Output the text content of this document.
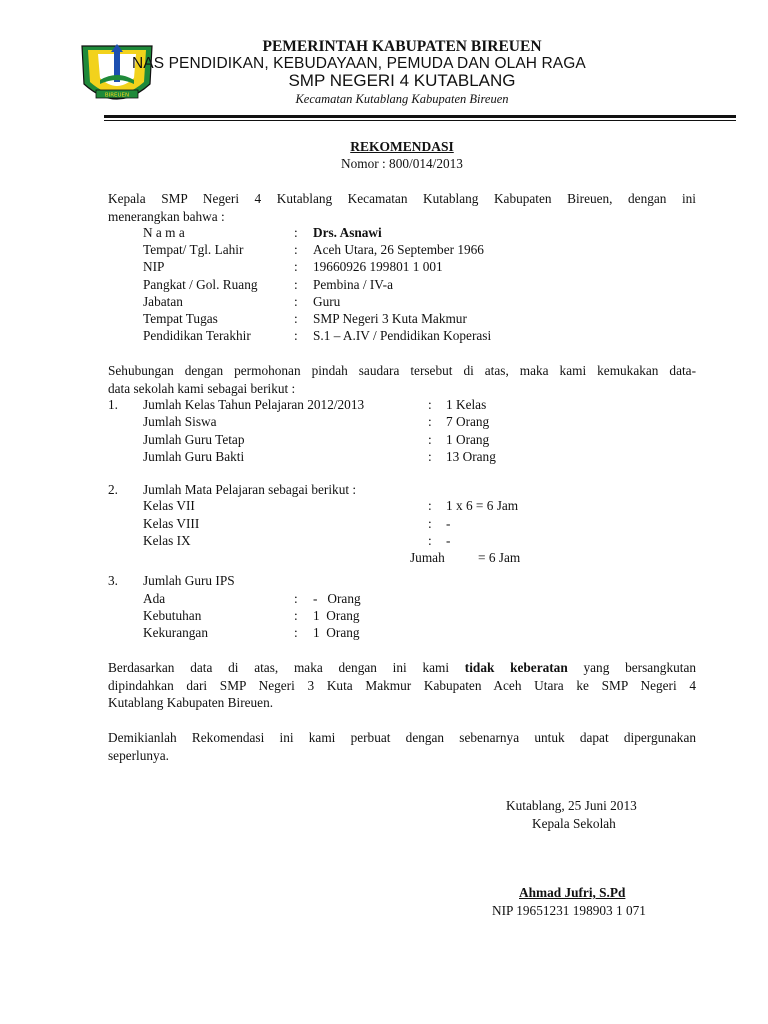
BIREUEN
PEMERINTAH KABUPATEN BIREUEN
NAS PENDIDIKAN, KEBUDAYAAN, PEMUDA DAN OLAH RAGA
SMP NEGERI 4 KUTABLANG
Kecamatan Kutablang Kabupaten Bireuen
REKOMENDASI
Nomor : 800/014/2013
Kepala SMP Negeri 4 Kutablang Kecamatan Kutablang Kabupaten Bireuen, dengan ini
menerangkan bahwa :
N a m a	: Drs. Asnawi
Tempat/ Tgl. Lahir	: Aceh Utara, 26 September 1966
NIP	: 19660926 199801 1 001
Pangkat / Gol. Ruang	: Pembina / IV-a
Jabatan	: Guru
Tempat Tugas	: SMP Negeri 3 Kuta Makmur
Pendidikan Terakhir	: S.1 – A.IV / Pendidikan Koperasi
Sehubungan dengan permohonan pindah saudara tersebut di atas, maka kami kemukakan data-
data sekolah kami sebagai berikut :
1. Jumlah Kelas Tahun Pelajaran 2012/2013	: 1 Kelas
Jumlah Siswa	: 7 Orang
Jumlah Guru Tetap	: 1 Orang
Jumlah Guru Bakti	: 13 Orang
2. Jumlah Mata Pelajaran sebagai berikut :
Kelas VII	: 1 x 6 = 6 Jam
Kelas VIII	: -
Kelas IX	: -
Jumah	= 6 Jam
3. Jumlah Guru IPS
Ada	: -   Orang
Kebutuhan	: 1  Orang
Kekurangan	: 1  Orang
Berdasarkan data di atas, maka dengan ini kami tidak keberatan yang bersangkutan
dipindahkan dari SMP Negeri 3 Kuta Makmur Kabupaten Aceh Utara ke SMP Negeri 4
Kutablang Kabupaten Bireuen.
Demikianlah Rekomendasi ini kami perbuat dengan sebenarnya untuk dapat dipergunakan
seperlunya.
Kutablang, 25 Juni 2013
Kepala Sekolah
Ahmad Jufri, S.Pd
NIP 19651231 198903 1 071
